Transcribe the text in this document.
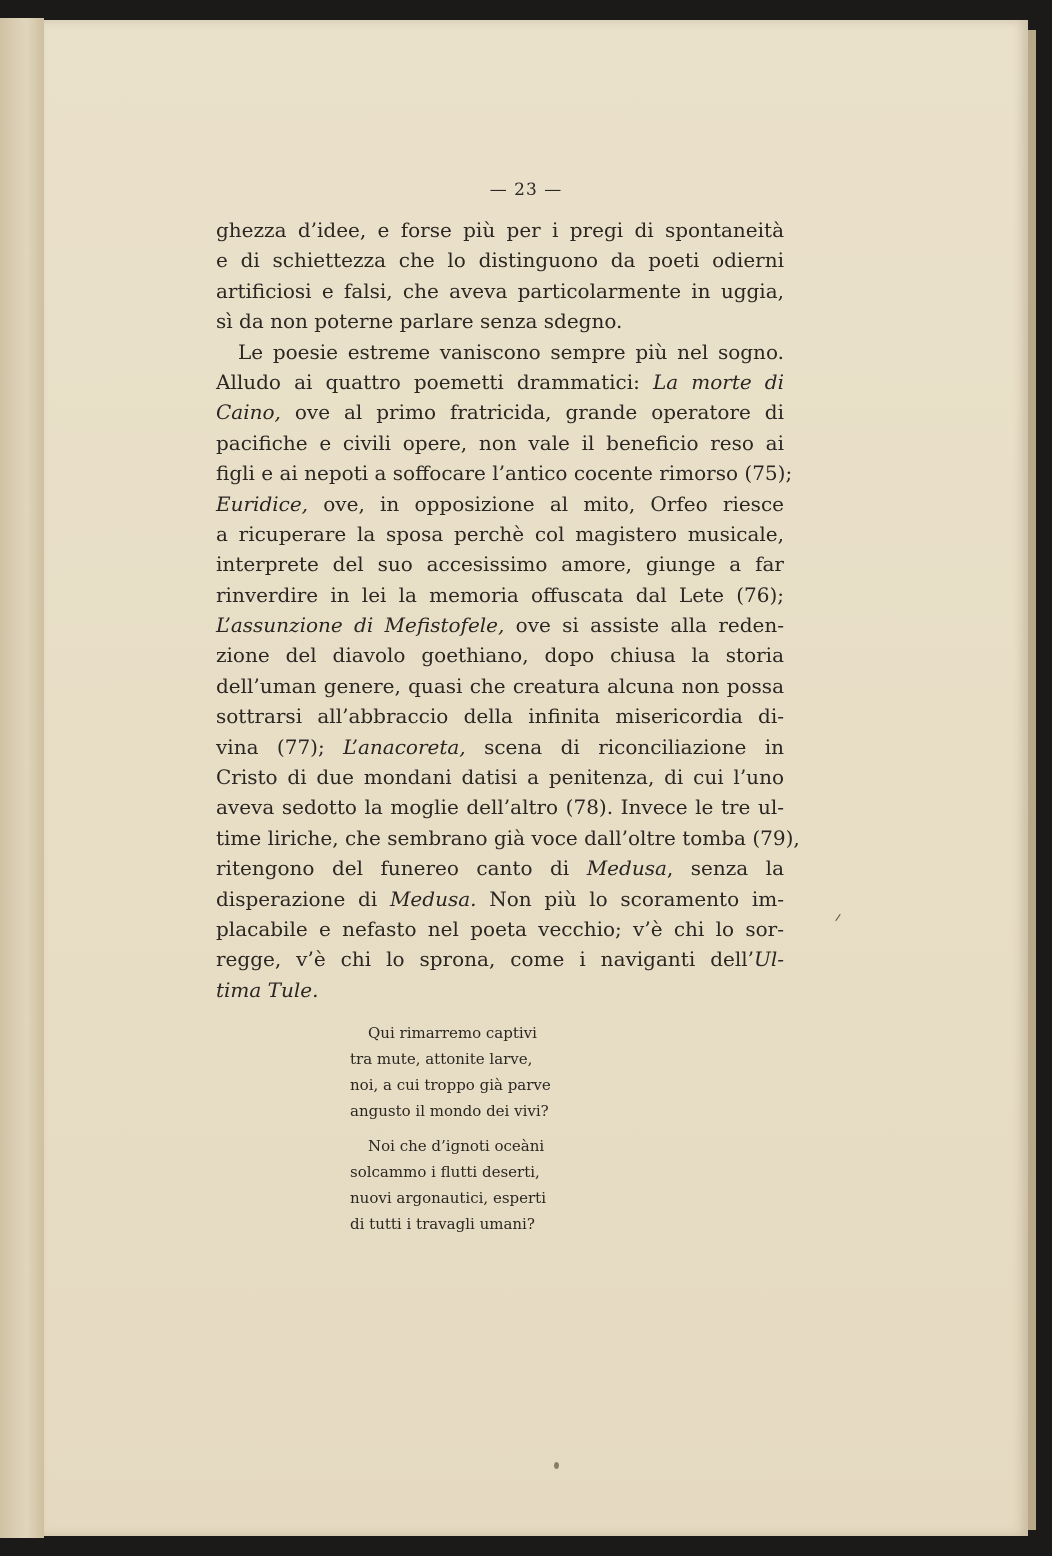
— 23 —
ghezza d’idee, e forse più per i pregi di spontaneità
e di schiettezza che lo distinguono da poeti odierni
artificiosi e falsi, che aveva particolarmente in uggia,
sì da non poterne parlare senza sdegno.
Le poesie estreme vaniscono sempre più nel sogno.
Alludo ai quattro poemetti drammatici: La morte di
Caino, ove al primo fratricida, grande operatore di
pacifiche e civili opere, non vale il beneficio reso ai
figli e ai nepoti a soffocare l’antico cocente rimorso (75);
Euridice, ove, in opposizione al mito, Orfeo riesce
a ricuperare la sposa perchè col magistero musicale,
interprete del suo accesissimo amore, giunge a far
rinverdire in lei la memoria offuscata dal Lete (76);
L’assunzione di Mefistofele, ove si assiste alla reden-
zione del diavolo goethiano, dopo chiusa la storia
dell’uman genere, quasi che creatura alcuna non possa
sottrarsi all’abbraccio della infinita misericordia di-
vina (77); L’anacoreta, scena di riconciliazione in
Cristo di due mondani datisi a penitenza, di cui l’uno
aveva sedotto la moglie dell’altro (78). Invece le tre ul-
time liriche, che sembrano già voce dall’oltre tomba (79),
ritengono del funereo canto di Medusa, senza la
disperazione di Medusa. Non più lo scoramento im-
placabile e nefasto nel poeta vecchio; v’è chi lo sor-
regge, v’è chi lo sprona, come i naviganti dell’Ul-
tima Tule.
Qui rimarremo captivi
tra mute, attonite larve,
noi, a cui troppo già parve
angusto il mondo dei vivi?
Noi che d’ignoti oceàni
solcammo i flutti deserti,
nuovi argonautici, esperti
di tutti i travagli umani?
